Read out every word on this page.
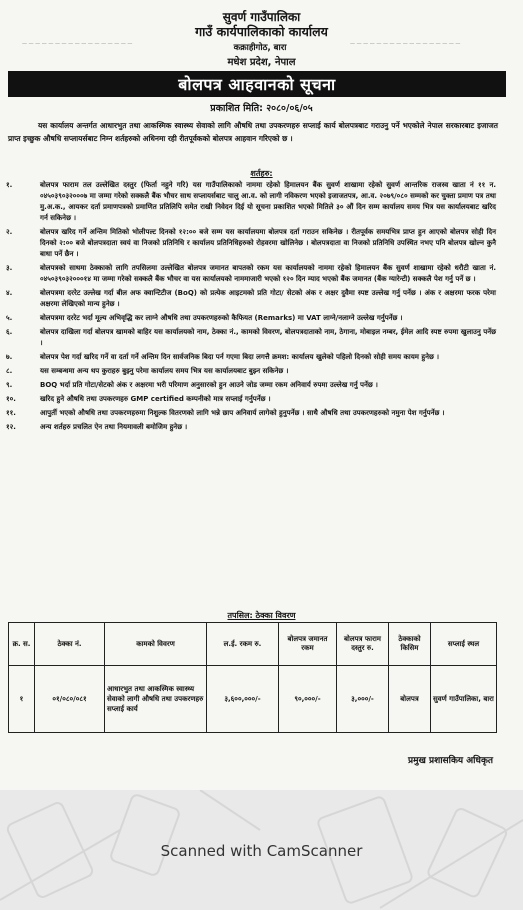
सुवर्ण गाउँपालिका
गाउँ कार्यपालिकाको कार्यालय
— — — — — — — — — — — — — — — — —	कक्राहीगोठ, बारा	— — — — — — — — — — — — — — — — —
मधेश प्रदेश, नेपाल
बोलपत्र आहवानको सूचना
प्रकाशित मिति: २०८०/०६/०५
यस कार्यालय अन्तर्गत आधारभुत तथा आकस्मिक स्वास्थ्य सेवाको लागि औषधि तथा उपकरणहरु सप्लाई कार्य बोलपत्रबाट गराउनु पर्ने भएकोले नेपाल सरकारबाट इजाजत प्राप्त इच्छुक औषधि सप्लायर्सबाट निम्न शर्तहरुको अधिनमा रही रीतपूर्वकको बोलपत्र आहवान गरिएको छ ।
शर्तहरु:
१.	बोलपत्र फाराम तल उल्लेखित दस्तुर (फिर्ता नहुने गरि) यस गाउँपालिकाको नाममा रहेको हिमालयन बैंक सुवर्ण शाखामा रहेको सुवर्ण आन्तरिक राजस्व खाता नं ११ न. ०४५०३९०३२०००७ मा जम्मा गरेको सक्कलै बैंक भौचर साथ सप्लायर्सबाट चालु आ.व. को लागी नविकरण भएको इजाजतपत्र, आ.व. २०७९/०८० सम्मको कर चुक्ता प्रमाण पत्र तथा मु.अ.क., आयकर दर्ता प्रमाणपत्रको प्रमाणित प्रतिलिपि समेत राखी निवेदन दिई यो सूचना प्रकाशित भएको मितिले ३० औं दिन सम्म कार्यालय समय भित्र यस कार्यालयबाट खरिद गर्न सकिनेछ ।
२.	बोलपत्र खरिद गर्ने अन्तिम मितिको भोलीपल्ट दिनको १२:०० बजे सम्म यस कार्यालयमा बोलपत्र दर्ता गराउन सकिनेछ । रीतपूर्वक समयभित्र प्राप्त हुन आएको बोलपत्र सोही दिन दिनको २:०० बजे बोलपत्रदाता स्वयं वा निजको प्रतिनिधि र कार्यालय प्रतिनिधिहरुको रोहवरमा खोलिनेछ । बोलपत्रदाता वा निजको प्रतिनिधि उपस्थित नभए पनि बोलपत्र खोल्न कुनै बाधा पर्ने छैन ।
३.	बोलपत्रको साथमा ठेक्काको लागि तपसिलमा उल्लेखित बोलपत्र जमानत बापतको रकम यस कार्यालयको नाममा रहेको हिमालयन बैंक सुवर्ण शाखामा रहेको धरौटी खाता नं. ०४५०३९०३२०००१४ मा जम्मा गरेको सक्कलै बैंक भौचर वा यस कार्यालयको नाममाजारी भएको १२० दिन म्याद भएको बैंक जमानत (बैंक ग्यारेन्टी) सक्कलै पेश गर्नु पर्ने छ ।
४.	बोलपत्रमा दररेट उल्लेख गर्दा बील अफ क्वान्टिटीज (BoQ) को प्रत्येक आइटमको प्रति गोटा/ सेटको अंक र अक्षर दुवैमा स्पष्ट उल्लेख गर्नु पर्नेछ । अंक र अक्षरमा फरक परेमा अक्षरमा लेखिएको मान्य हुनेछ ।
५.	बोलपत्रमा दररेट भर्दा मूल्य अभिवृद्धि कर लाग्ने औषधि तथा उपकरणहरुको कैफियत (Remarks) मा VAT लाग्ने/नलाग्ने उल्लेख गर्नुपर्नेछ ।
६.	बोलपत्र दाखिला गर्दा बोलपत्र खामको बाहिर यस कार्यालयको नाम, ठेक्का नं., कामको विवरण, बोलपत्रदाताको नाम, ठेगाना, मोबाइल नम्बर, ईमेल आदि स्पष्ट रुपमा खुलाउनु पर्नेछ ।
७.	बोलपत्र पेश गर्दा खरिद गर्ने वा दर्ता गर्ने अन्तिम दिन सार्वजनिक बिदा पर्न गएमा बिदा लगत्तै क्रमश: कार्यालय खुलेको पहिलो दिनको सोही समय कायम हुनेछ ।
८.	यस सम्बन्धमा अन्य थप कुराहरु बुझ्नु परेमा कार्यालय समय भित्र यस कार्यालयबाट बुझ्न सकिनेछ ।
९.	BOQ भर्दा प्रति गोटा/सेटको अंक र अक्षरमा भरी परिमाण अनुसारको हुन आउने जोड जम्मा रकम अनिवार्य रुपमा उल्लेख गर्नु पर्नेछ ।
१०.	खरिद हुने औषधि तथा उपकरणहरु GMP certified कम्पनीको मात्र सप्लाई गर्नुपर्नेछ ।
११.	आपुर्ती भएको औषधि तथा उपकरणहरुमा निशुल्क वितरणको लागि भन्ने छाप अनिवार्य लागेको हुनुपर्नेछ । साथै औषधि तथा उपकरणहरुको नमुना पेश गर्नुपर्नेछ ।
१२.	अन्य शर्तहरु प्रचलित ऐन तथा नियमावली बमोजिम हुनेछ ।
तपसिल: ठेक्का विवरण
क्र. स.	ठेक्का नं.	कामको विवरण	ल.ई. रकम रु.	बोलपत्र जमानत रकम	बोलपत्र फाराम दस्तुर रु.	ठेक्काको किसिम	सप्लाई स्थल
१	०१/०८०/०८१	आधारभुत तथा आकस्मिक स्वास्थ्य सेवाको लागी औषधि तथा उपकरणहरु सप्लाई कार्य	३,६००,०००/-	९०,०००/-	३,०००/-	बोलपत्र	सुवर्ण गाउँपालिका, बारा
प्रमुख प्रशासकिय अधिकृत
Scanned with CamScanner
